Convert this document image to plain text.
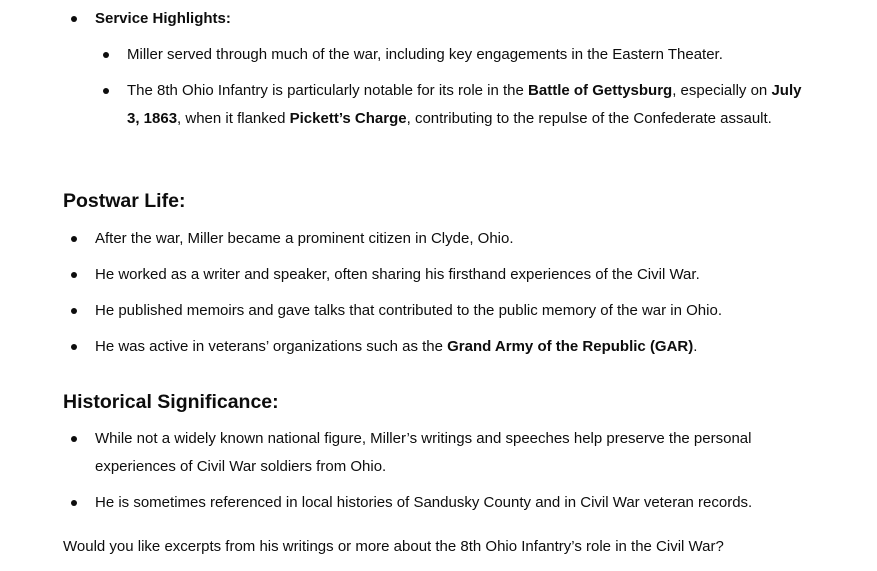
Service Highlights:
Miller served through much of the war, including key engagements in the Eastern Theater.
The 8th Ohio Infantry is particularly notable for its role in the Battle of Gettysburg, especially on July 3, 1863, when it flanked Pickett’s Charge, contributing to the repulse of the Confederate assault.
Postwar Life:
After the war, Miller became a prominent citizen in Clyde, Ohio.
He worked as a writer and speaker, often sharing his firsthand experiences of the Civil War.
He published memoirs and gave talks that contributed to the public memory of the war in Ohio.
He was active in veterans’ organizations such as the Grand Army of the Republic (GAR).
Historical Significance:
While not a widely known national figure, Miller’s writings and speeches help preserve the personal experiences of Civil War soldiers from Ohio.
He is sometimes referenced in local histories of Sandusky County and in Civil War veteran records.
Would you like excerpts from his writings or more about the 8th Ohio Infantry’s role in the Civil War?
